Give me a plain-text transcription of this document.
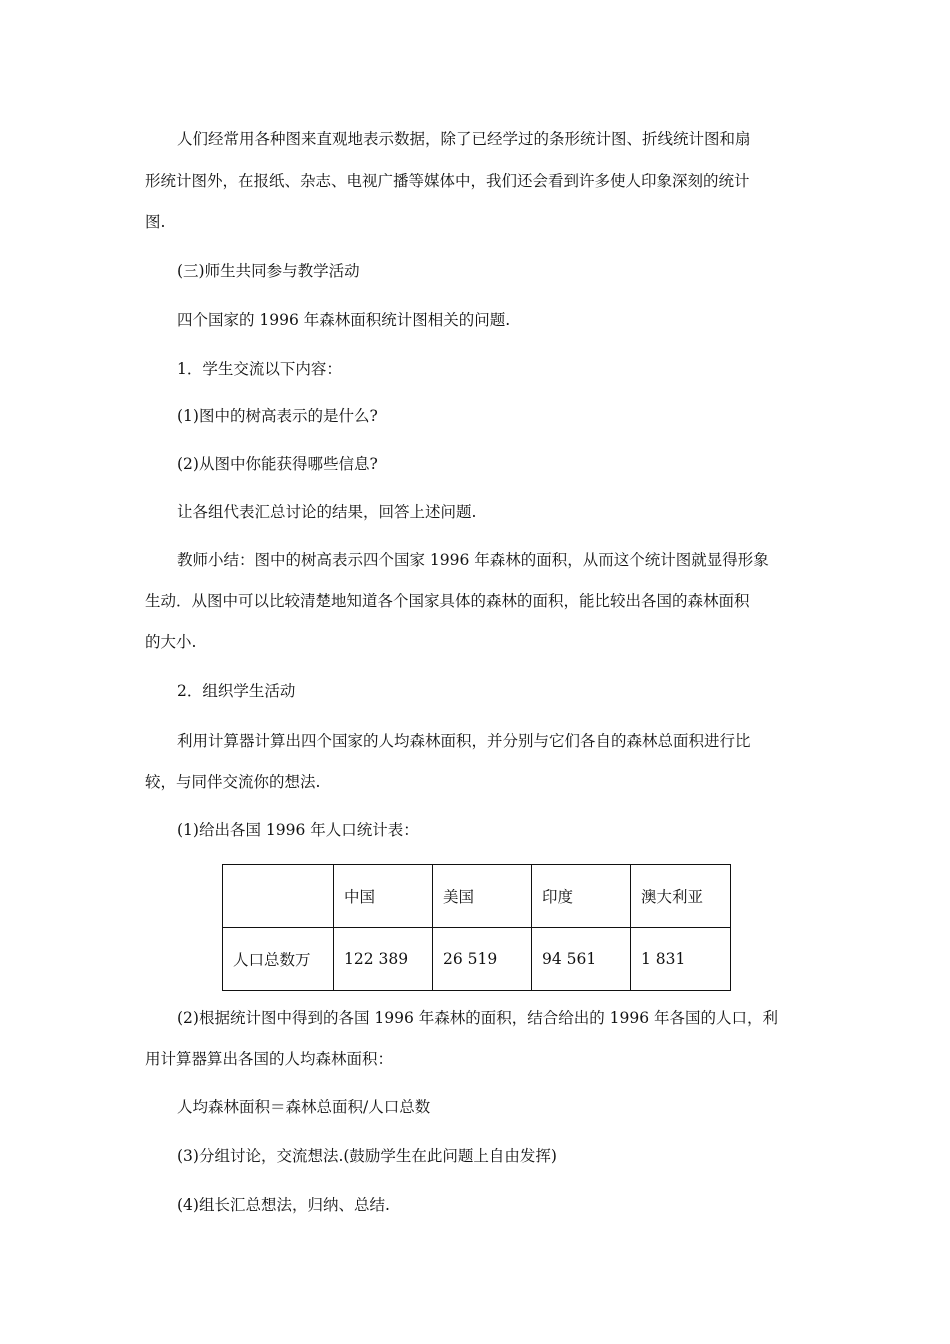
人们经常用各种图来直观地表示数据，除了已经学过的条形统计图、折线统计图和扇
形统计图外，在报纸、杂志、电视广播等媒体中，我们还会看到许多使人印象深刻的统计
图.
(三)师生共同参与教学活动
四个国家的 1996 年森林面积统计图相关的问题.
1．学生交流以下内容：
(1)图中的树高表示的是什么?
(2)从图中你能获得哪些信息?
让各组代表汇总讨论的结果，回答上述问题.
教师小结：图中的树高表示四个国家 1996 年森林的面积，从而这个统计图就显得形象
生动．从图中可以比较清楚地知道各个国家具体的森林的面积，能比较出各国的森林面积
的大小.
2．组织学生活动
利用计算器计算出四个国家的人均森林面积，并分别与它们各自的森林总面积进行比
较，与同伴交流你的想法.
(1)给出各国 1996 年人口统计表：
	中国	美国	印度	澳大利亚
人口总数万	122 389	26 519	94 561	1 831
(2)根据统计图中得到的各国 1996 年森林的面积，结合给出的 1996 年各国的人口，利
用计算器算出各国的人均森林面积：
人均森林面积＝森林总面积/人口总数
(3)分组讨论，交流想法.(鼓励学生在此问题上自由发挥)
(4)组长汇总想法，归纳、总结.
